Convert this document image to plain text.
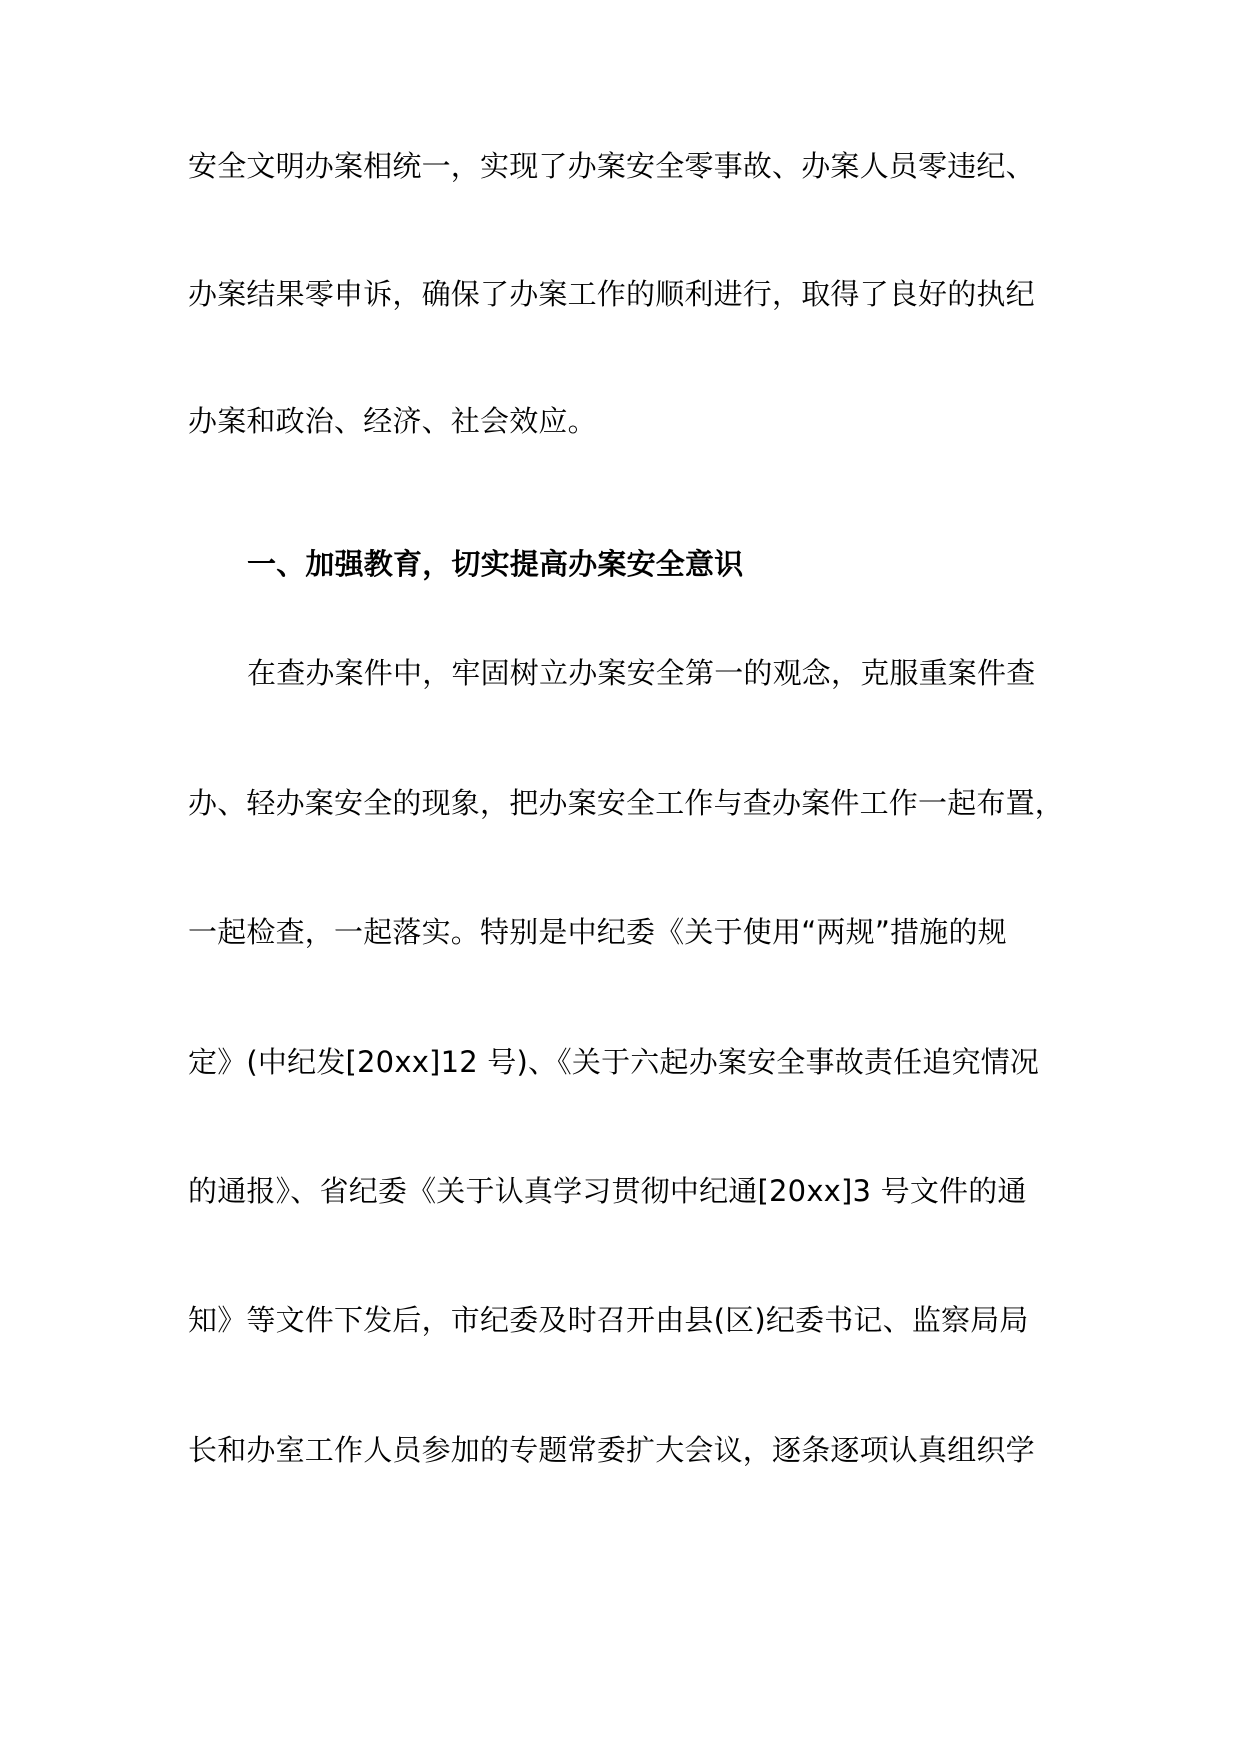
安全文明办案相统一，实现了办案安全零事故、办案人员零违纪、
办案结果零申诉，确保了办案工作的顺利进行，取得了良好的执纪
办案和政治、经济、社会效应。
一、加强教育，切实提高办案安全意识
在查办案件中，牢固树立办案安全第一的观念，克服重案件查
办、轻办案安全的现象，把办案安全工作与查办案件工作一起布置，
一起检查，一起落实。特别是中纪委《关于使用“两规”措施的规
定》(中纪发[20xx]12 号)、《关于六起办案安全事故责任追究情况
的通报》、省纪委《关于认真学习贯彻中纪通[20xx]3 号文件的通
知》等文件下发后，市纪委及时召开由县(区)纪委书记、监察局局
长和办室工作人员参加的专题常委扩大会议，逐条逐项认真组织学
